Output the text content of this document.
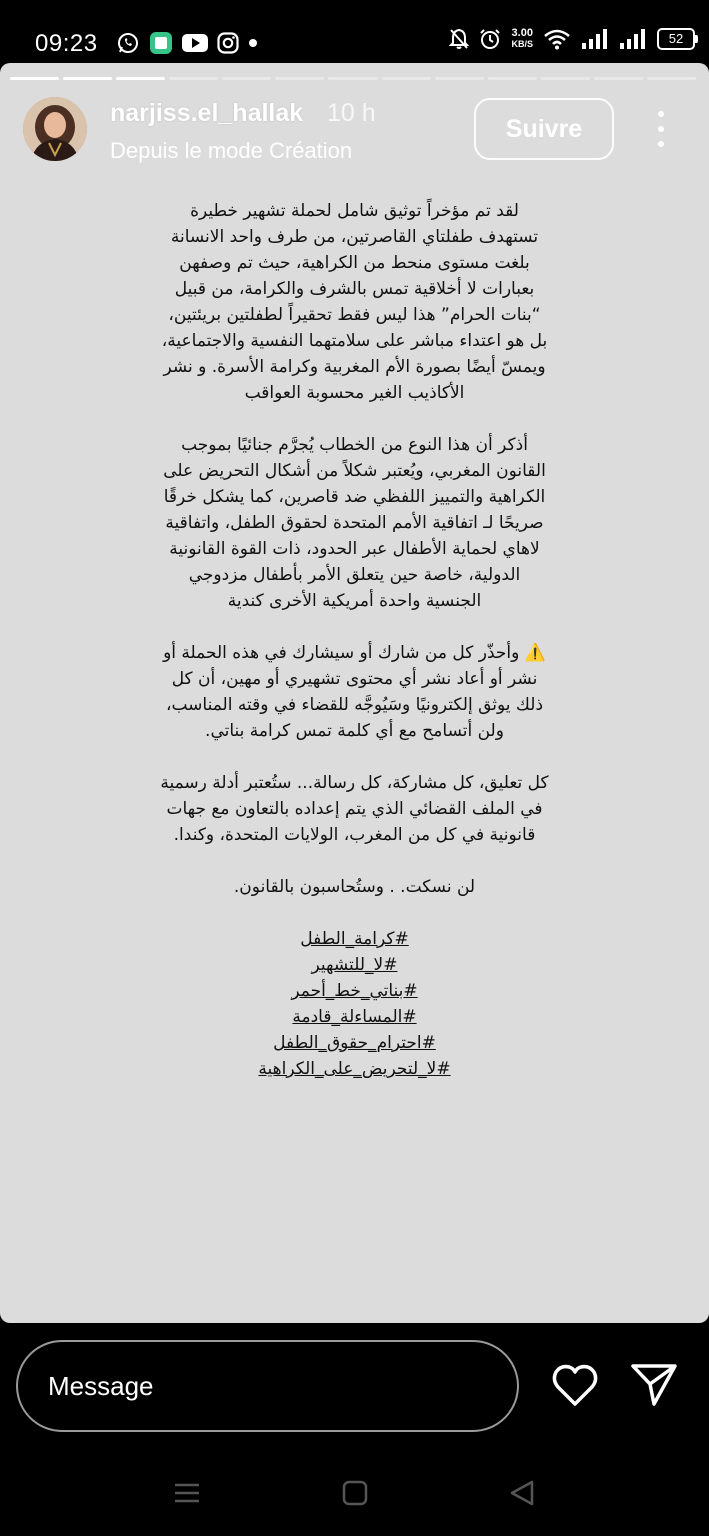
09:23	3.00
KB/S	52
narjiss.el_hallak 10 h
Depuis le mode Création
Suivre

لقد تم مؤخراً توثيق شامل لحملة تشهير خطيرة تستهدف طفلتاي القاصرتين، من طرف واحد الانسانة بلغت مستوى منحط من الكراهية، حيث تم وصفهن بعبارات لا أخلاقية تمس بالشرف والكرامة، من قبيل “بنات الحرام” هذا ليس فقط تحقيراً لطفلتين بريئتين، بل هو اعتداء مباشر على سلامتهما النفسية والاجتماعية، ويمسّ أيضًا بصورة الأم المغربية وكرامة الأسرة. و نشر الأكاذيب الغير محسوبة العواقب

أذكر أن هذا النوع من الخطاب يُجرَّم جنائيًا بموجب القانون المغربي، ويُعتبر شكلاً من أشكال التحريض على الكراهية والتمييز اللفظي ضد قاصرين، كما يشكل خرقًا صريحًا لـ اتفاقية الأمم المتحدة لحقوق الطفل، واتفاقية لاهاي لحماية الأطفال عبر الحدود، ذات القوة القانونية الدولية، خاصة حين يتعلق الأمر بأطفال مزدوجي الجنسية واحدة أمريكية الأخرى كندية

⚠️ وأحذّر كل من شارك أو سيشارك في هذه الحملة أو نشر أو أعاد نشر أي محتوى تشهيري أو مهين، أن كل ذلك يوثق إلكترونيًا وسَيُوجَّه للقضاء في وقته المناسب، ولن أتسامح مع أي كلمة تمس كرامة بناتي.

كل تعليق، كل مشاركة، كل رسالة... ستُعتبر أدلة رسمية في الملف القضائي الذي يتم إعداده بالتعاون مع جهات قانونية في كل من المغرب، الولايات المتحدة، وكندا.

لن نسكت. . وستُحاسبون بالقانون.

#كرامة_الطفل
#لا_للتشهير
#بناتي_خط_أحمر
#المساءلة_قادمة
#احترام_حقوق_الطفل
#لا_لتحريض_على_الكراهية
Message
